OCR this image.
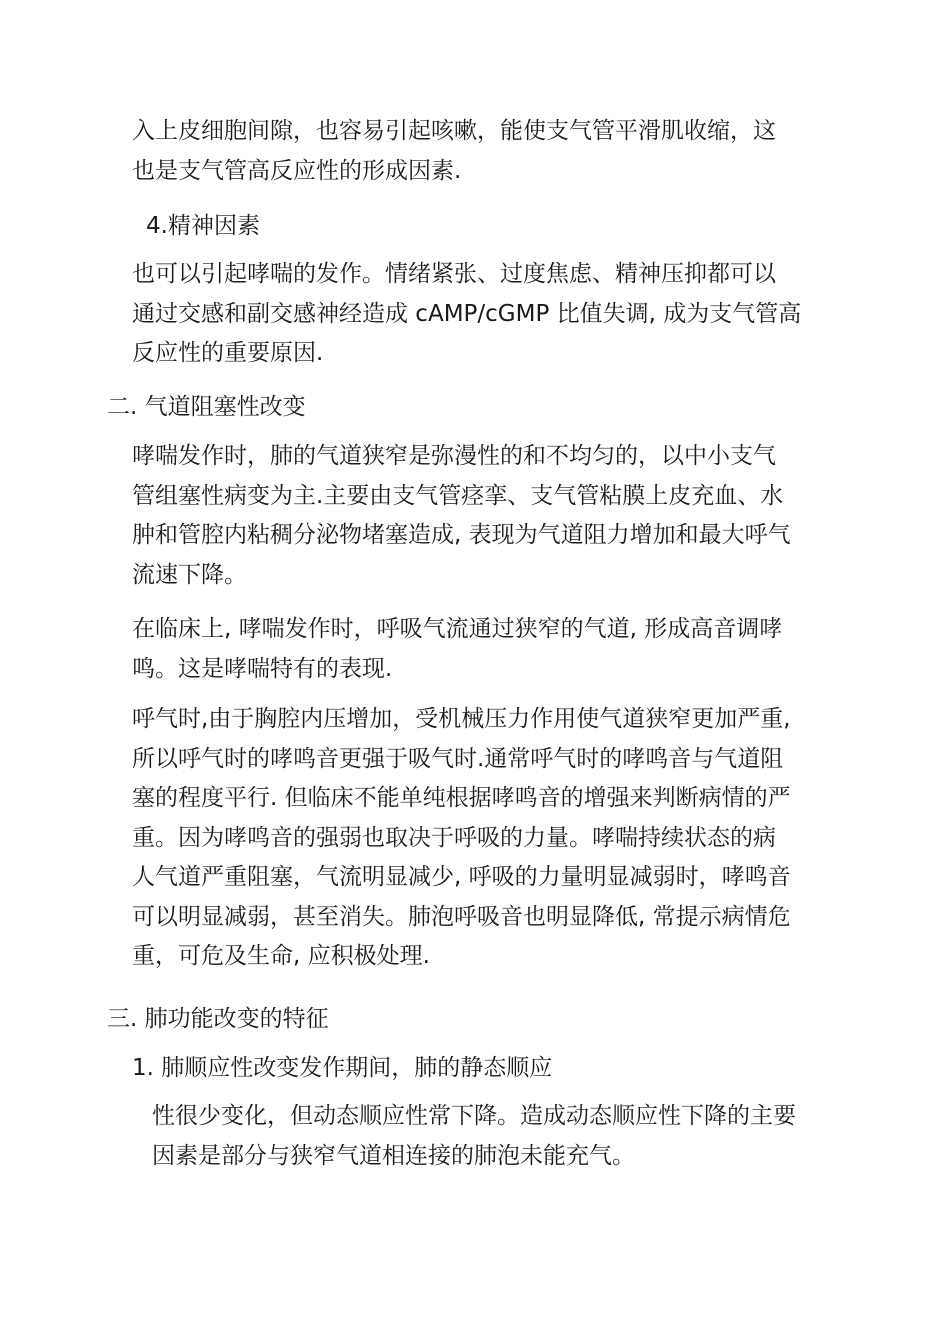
入上皮细胞间隙，也容易引起咳嗽，能使支气管平滑肌收缩，这
也是支气管高反应性的形成因素.
4.精神因素
也可以引起哮喘的发作。情绪紧张、过度焦虑、精神压抑都可以
通过交感和副交感神经造成 cAMP/cGMP 比值失调, 成为支气管高
反应性的重要原因.
二. 气道阻塞性改变
哮喘发作时，肺的气道狭窄是弥漫性的和不均匀的，以中小支气
管组塞性病变为主.主要由支气管痉挛、支气管粘膜上皮充血、水
肿和管腔内粘稠分泌物堵塞造成, 表现为气道阻力增加和最大呼气
流速下降。
在临床上, 哮喘发作时，呼吸气流通过狭窄的气道, 形成高音调哮
鸣。这是哮喘特有的表现.
呼气时,由于胸腔内压增加，受机械压力作用使气道狭窄更加严重,
所以呼气时的哮鸣音更强于吸气时.通常呼气时的哮鸣音与气道阻
塞的程度平行. 但临床不能单纯根据哮鸣音的增强来判断病情的严
重。因为哮鸣音的强弱也取决于呼吸的力量。哮喘持续状态的病
人气道严重阻塞，气流明显减少, 呼吸的力量明显减弱时，哮鸣音
可以明显减弱，甚至消失。肺泡呼吸音也明显降低, 常提示病情危
重，可危及生命, 应积极处理.
三. 肺功能改变的特征
1. 肺顺应性改变发作期间，肺的静态顺应
性很少变化，但动态顺应性常下降。造成动态顺应性下降的主要
因素是部分与狭窄气道相连接的肺泡未能充气。
